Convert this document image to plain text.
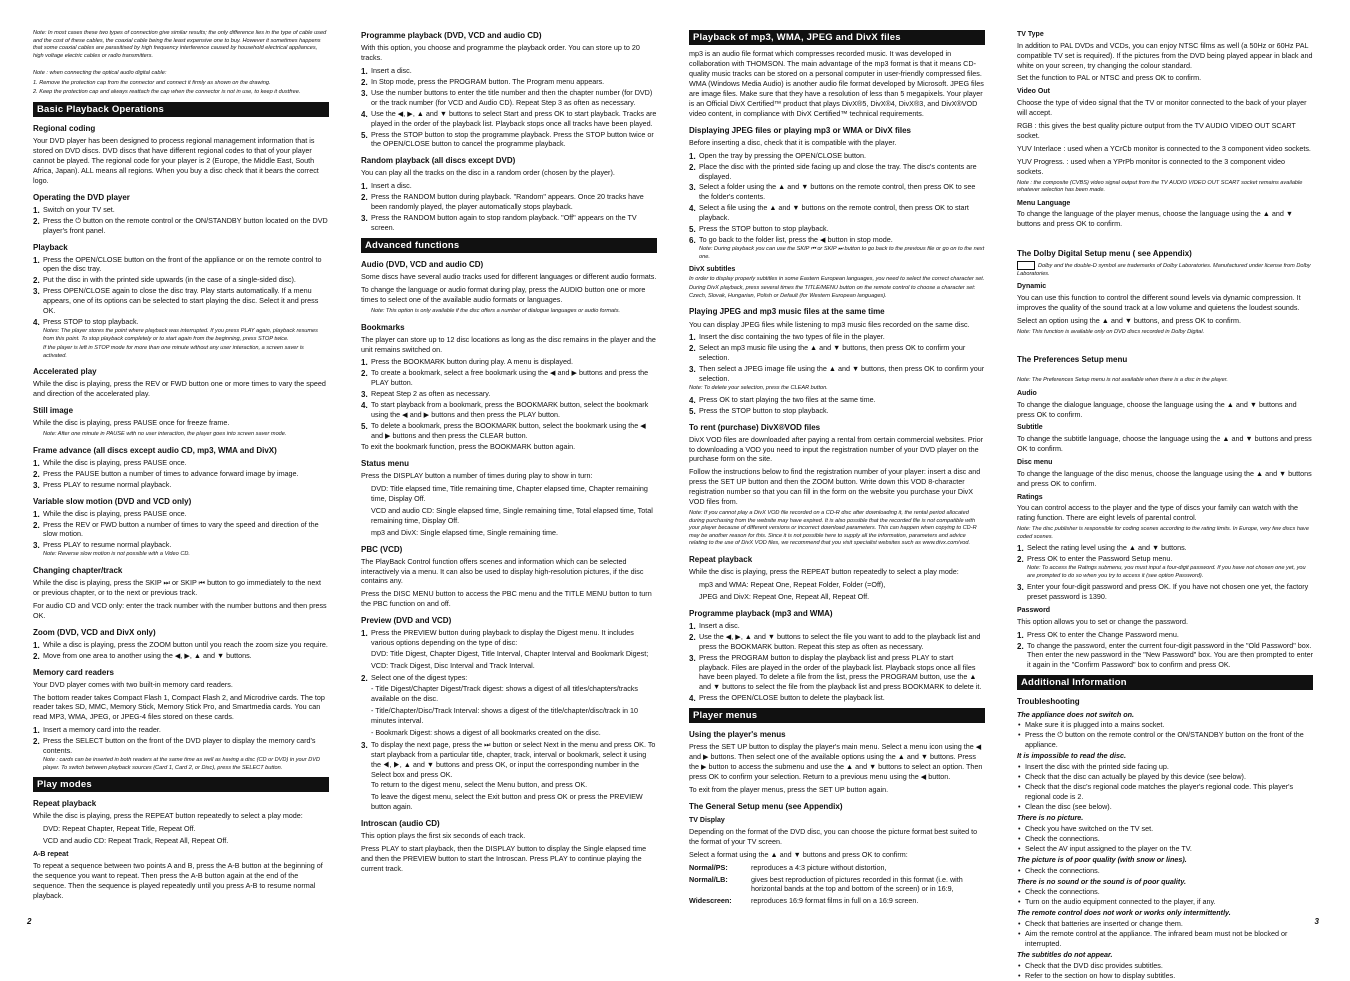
Note: In most cases these two types of connection give similar results; the only difference lies in the type of cable used and the cost of these cables, the coaxial cable being the least expensive one to buy. However it sometimes happens that some coaxial cables are parasitised by high frequency interference caused by household electrical appliances, high voltage electric cables or radio transmitters.
Note : when connecting the optical audio digital cable:
1. Remove the protection cap from the connector and connect it firmly as shown on the drawing.
2. Keep the protection cap and always reattach the cap when the connector is not in use, to keep it dustfree.
Basic Playback Operations
Regional coding
Your DVD player has been designed to process regional management information that is stored on DVD discs. DVD discs that have different regional codes to that of your player cannot be played. The regional code for your player is 2 (Europe, the Middle East, South Africa, Japan). ALL means all regions. When you buy a disc check that it bears the correct logo.
Operating the DVD player
1. Switch on your TV set.
2. Press the ⏻ button on the remote control or the ON/STANDBY button located on the DVD player's front panel.
Playback
1. Press the OPEN/CLOSE button on the front of the appliance or on the remote control to open the disc tray.
2. Put the disc in with the printed side upwards (in the case of a single-sided disc).
3. Press OPEN/CLOSE again to close the disc tray. Play starts automatically. If a menu appears, one of its options can be selected to start playing the disc. Select it and press OK.
4. Press STOP to stop playback.
Notes: The player stores the point where playback was interrupted. If you press PLAY again, playback resumes from this point. To stop playback completely or to start again from the beginning, press STOP twice.
If the player is left in STOP mode for more than one minute without any user interaction, a screen saver is activated.
Accelerated play
While the disc is playing, press the REV or FWD button one or more times to vary the speed and direction of the accelerated play.
Still image
While the disc is playing, press PAUSE once for freeze frame.
Note: After one minute in PAUSE with no user interaction, the player goes into screen saver mode.
Frame advance (all discs except audio CD, mp3, WMA and DivX)
1. While the disc is playing, press PAUSE once.
2. Press the PAUSE button a number of times to advance forward image by image.
3. Press PLAY to resume normal playback.
Variable slow motion (DVD and VCD only)
1. While the disc is playing, press PAUSE once.
2. Press the REV or FWD button a number of times to vary the speed and direction of the slow motion.
3. Press PLAY to resume normal playback.
Note: Reverse slow motion is not possible with a Video CD.
Changing chapter/track
While the disc is playing, press the SKIP ⏭ or SKIP ⏮ button to go immediately to the next or previous chapter, or to the next or previous track.
For audio CD and VCD only: enter the track number with the number buttons and then press OK.
Zoom (DVD, VCD and DivX only)
1. While a disc is playing, press the ZOOM button until you reach the zoom size you require.
2. Move from one area to another using the ◀, ▶, ▲ and ▼ buttons.
Memory card readers
Your DVD player comes with two built-in memory card readers.
The bottom reader takes Compact Flash 1, Compact Flash 2, and Microdrive cards. The top reader takes SD, MMC, Memory Stick, Memory Stick Pro, and Smartmedia cards. You can read MP3, WMA, JPEG, or JPEG-4 files stored on these cards.
1. Insert a memory card into the reader.
2. Press the SELECT button on the front of the DVD player to display the memory card's contents.
Note : cards can be inserted in both readers at the same time as well as having a disc (CD or DVD) in your DVD player. To switch between playback sources (Card 1, Card 2, or Disc), press the SELECT button.
Play modes
Repeat playback
While the disc is playing, press the REPEAT button repeatedly to select a play mode:
DVD: Repeat Chapter, Repeat Title, Repeat Off.
VCD and audio CD: Repeat Track, Repeat All, Repeat Off.
A-B repeat
To repeat a sequence between two points A and B, press the A-B button at the beginning of the sequence you want to repeat. Then press the A-B button again at the end of the sequence. Then the sequence is played repeatedly until you press A-B to resume normal playback.
Programme playback (DVD, VCD and audio CD)
With this option, you choose and programme the playback order. You can store up to 20 tracks.
1. Insert a disc.
2. In Stop mode, press the PROGRAM button. The Program menu appears.
3. Use the number buttons to enter the title number and then the chapter number (for DVD) or the track number (for VCD and Audio CD). Repeat Step 3 as often as necessary.
4. Use the ◀, ▶, ▲ and ▼ buttons to select Start and press OK to start playback. Tracks are played in the order of the playback list. Playback stops once all tracks have been played.
5. Press the STOP button to stop the programme playback. Press the STOP button twice or the OPEN/CLOSE button to cancel the programme playback.
Random playback (all discs except DVD)
You can play all the tracks on the disc in a random order (chosen by the player).
1. Insert a disc.
2. Press the RANDOM button during playback. "Random" appears. Once 20 tracks have been randomly played, the player automatically stops playback.
3. Press the RANDOM button again to stop random playback. "Off" appears on the TV screen.
Advanced functions
Audio (DVD, VCD and audio CD)
Some discs have several audio tracks used for different languages or different audio formats.
To change the language or audio format during play, press the AUDIO button one or more times to select one of the available audio formats or languages.
Note: This option is only available if the disc offers a number of dialogue languages or audio formats.
Bookmarks
The player can store up to 12 disc locations as long as the disc remains in the player and the unit remains switched on.
1. Press the BOOKMARK button during play. A menu is displayed.
2. To create a bookmark, select a free bookmark using the ◀ and ▶ buttons and press the PLAY button.
3. Repeat Step 2 as often as necessary.
4. To start playback from a bookmark, press the BOOKMARK button, select the bookmark using the ◀ and ▶ buttons and then press the PLAY button.
5. To delete a bookmark, press the BOOKMARK button, select the bookmark using the ◀ and ▶ buttons and then press the CLEAR button.
To exit the bookmark function, press the BOOKMARK button again.
Status menu
Press the DISPLAY button a number of times during play to show in turn:
DVD: Title elapsed time, Title remaining time, Chapter elapsed time, Chapter remaining time, Display Off.
VCD and audio CD: Single elapsed time, Single remaining time, Total elapsed time, Total remaining time, Display Off.
mp3 and DivX: Single elapsed time, Single remaining time.
PBC (VCD)
The PlayBack Control function offers scenes and information which can be selected interactively via a menu. It can also be used to display high-resolution pictures, if the disc contains any.
Press the DISC MENU button to access the PBC menu and the TITLE MENU button to turn the PBC function on and off.
Preview (DVD and VCD)
1. Press the PREVIEW button during playback to display the Digest menu. It includes various options depending on the type of disc:
DVD: Title Digest, Chapter Digest, Title Interval, Chapter Interval and Bookmark Digest;
VCD: Track Digest, Disc Interval and Track Interval.
2. Select one of the digest types:
- Title Digest/Chapter Digest/Track digest: shows a digest of all titles/chapters/tracks available on the disc.
- Title/Chapter/Disc/Track Interval: shows a digest of the title/chapter/disc/track in 10 minutes interval.
- Bookmark Digest: shows a digest of all bookmarks created on the disc.
3. To display the next page, press the ⏭ button or select Next in the menu and press OK. To start playback from a particular title, chapter, track, interval or bookmark, select it using the ◀, ▶, ▲ and ▼ buttons and press OK, or input the corresponding number in the Select box and press OK.
To return to the digest menu, select the Menu button, and press OK.
To leave the digest menu, select the Exit button and press OK or press the PREVIEW button again.
Introscan (audio CD)
This option plays the first six seconds of each track.
Press PLAY to start playback, then the DISPLAY button to display the Single elapsed time and then the PREVIEW button to start the Introscan. Press PLAY to continue playing the current track.
Playback of mp3, WMA, JPEG and DivX files
mp3 is an audio file format which compresses recorded music. It was developed in collaboration with THOMSON. The main advantage of the mp3 format is that it means CD-quality music tracks can be stored on a personal computer in user-friendly compressed files. WMA (Windows Media Audio) is another audio file format developed by Microsoft. JPEG files are image files. Make sure that they have a resolution of less than 5 megapixels. Your player is an Official DivX Certified™ product that plays DivX®5, DivX®4, DivX®3, and DivX®VOD video content, in compliance with DivX Certified™ technical requirements.
Displaying JPEG files or playing mp3 or WMA or DivX files
Before inserting a disc, check that it is compatible with the player.
1. Open the tray by pressing the OPEN/CLOSE button.
2. Place the disc with the printed side facing up and close the tray. The disc's contents are displayed.
3. Select a folder using the ▲ and ▼ buttons on the remote control, then press OK to see the folder's contents.
4. Select a file using the ▲ and ▼ buttons on the remote control, then press OK to start playback.
5. Press the STOP button to stop playback.
6. To go back to the folder list, press the ◀ button in stop mode.
Note: During playback you can use the SKIP ⏮ or SKIP ⏭ button to go back to the previous file or go on to the next one.
DivX subtitles
In order to display properly subtitles in some Eastern European languages, you need to select the correct character set.
During DivX playback, press several times the TITLE/MENU button on the remote control to choose a character set: Czech, Slovak, Hungarian, Polish or Default (for Western European languages).
Playing JPEG and mp3 music files at the same time
You can display JPEG files while listening to mp3 music files recorded on the same disc.
1. Insert the disc containing the two types of file in the player.
2. Select an mp3 music file using the ▲ and ▼ buttons, then press OK to confirm your selection.
3. Then select a JPEG image file using the ▲ and ▼ buttons, then press OK to confirm your selection.
Note: To delete your selection, press the CLEAR button.
4. Press OK to start playing the two files at the same time.
5. Press the STOP button to stop playback.
To rent (purchase) DivX®VOD files
DivX VOD files are downloaded after paying a rental from certain commercial websites. Prior to downloading a VOD you need to input the registration number of your DVD player on the purchase form on the site.
Follow the instructions below to find the registration number of your player: insert a disc and press the SET UP button and then the ZOOM button. Write down this VOD 8-character registration number so that you can fill in the form on the website you purchase your DivX VOD files from.
Note: If you cannot play a DivX VOD file recorded on a CD-R disc after downloading it, the rental period allocated during purchasing from the website may have expired. It is also possible that the recorded file is not compatible with your player because of different versions or incorrect download parameters. This can happen when copying to CD-R may be another reason for this. Since it is not possible here to supply all the information, parameters and advice relating to the use of DivX VOD files, we recommend that you visit specialist websites such as www.divx.com/vod.
Repeat playback
While the disc is playing, press the REPEAT button repeatedly to select a play mode:
mp3 and WMA: Repeat One, Repeat Folder, Folder (=Off),
JPEG and DivX: Repeat One, Repeat All, Repeat Off.
Programme playback (mp3 and WMA)
1. Insert a disc.
2. Use the ◀, ▶, ▲ and ▼ buttons to select the file you want to add to the playback list and press the BOOKMARK button. Repeat this step as often as necessary.
3. Press the PROGRAM button to display the playback list and press PLAY to start playback. Files are played in the order of the playback list. Playback stops once all files have been played. To delete a file from the list, press the PROGRAM button, use the ▲ and ▼ buttons to select the file from the playback list and press BOOKMARK to delete it.
4. Press the OPEN/CLOSE button to delete the playback list.
Player menus
Using the player's menus
Press the SET UP button to display the player's main menu. Select a menu icon using the ◀ and ▶ buttons. Then select one of the available options using the ▲ and ▼ buttons. Press the ▶ button to access the submenu and use the ▲ and ▼ buttons to select an option. Then press OK to confirm your selection. Return to a previous menu using the ◀ button.
To exit from the player menus, press the SET UP button again.
The General Setup menu (see Appendix)
TV Display
Depending on the format of the DVD disc, you can choose the picture format best suited to the format of your TV screen.
Select a format using the ▲ and ▼ buttons and press OK to confirm:
Normal/PS:	reproduces a 4:3 picture without distortion,
Normal/LB:	gives best reproduction of pictures recorded in this format (i.e. with horizontal bands at the top and bottom of the screen) or in 16:9,
Widescreen:	reproduces 16:9 format films in full on a 16:9 screen.
TV Type
In addition to PAL DVDs and VCDs, you can enjoy NTSC films as well (a 50Hz or 60Hz PAL compatible TV set is required). If the pictures from the DVD being played appear in black and white on your screen, try changing the colour standard.
Set the function to PAL or NTSC and press OK to confirm.
Video Out
Choose the type of video signal that the TV or monitor connected to the back of your player will accept.
RGB : this gives the best quality picture output from the TV AUDIO VIDEO OUT SCART socket.
YUV Interlace : used when a YCrCb monitor is connected to the 3 component video sockets.
YUV Progress. : used when a YPrPb monitor is connected to the 3 component video sockets.
Note : the composite (CVBS) video signal output from the TV AUDIO VIDEO OUT SCART socket remains available whatever selection has been made.
Menu Language
To change the language of the player menus, choose the language using the ▲ and ▼ buttons and press OK to confirm.
The Dolby Digital Setup menu ( see Appendix)
Dolby and the double-D symbol are trademarks of Dolby Laboratories. Manufactured under license from Dolby Laboratories.
Dynamic
You can use this function to control the different sound levels via dynamic compression. It improves the quality of the sound track at a low volume and quietens the loudest sounds.
Select an option using the ▲ and ▼ buttons, and press OK to confirm.
Note: This function is available only on DVD discs recorded in Dolby Digital.
The Preferences Setup menu
Note: The Preferences Setup menu is not available when there is a disc in the player.
Audio
To change the dialogue language, choose the language using the ▲ and ▼ buttons and press OK to confirm.
Subtitle
To change the subtitle language, choose the language using the ▲ and ▼ buttons and press OK to confirm.
Disc menu
To change the language of the disc menus, choose the language using the ▲ and ▼ buttons and press OK to confirm.
Ratings
You can control access to the player and the type of discs your family can watch with the rating function. There are eight levels of parental control.
Note: The disc publisher is responsible for coding scenes according to the rating limits. In Europe, very few discs have coded scenes.
1. Select the rating level using the ▲ and ▼ buttons.
2. Press OK to enter the Password Setup menu.
Note: To access the Ratings submenu, you must input a four-digit password. If you have not chosen one yet, you are prompted to do so when you try to access it (see option Password).
3. Enter your four-digit password and press OK. If you have not chosen one yet, the factory preset password is 1390.
Password
This option allows you to set or change the password.
1. Press OK to enter the Change Password menu.
2. To change the password, enter the current four-digit password in the "Old Password" box. Then enter the new password in the "New Password" box. You are then prompted to enter it again in the "Confirm Password" box to confirm and press OK.
Additional Information
Troubleshooting
The appliance does not switch on.
• Make sure it is plugged into a mains socket.
• Press the ⏻ button on the remote control or the ON/STANDBY button on the front of the appliance.
It is impossible to read the disc.
• Insert the disc with the printed side facing up.
• Check that the disc can actually be played by this device (see below).
• Check that the disc's regional code matches the player's regional code. This player's regional code is 2.
• Clean the disc (see below).
There is no picture.
• Check you have switched on the TV set.
• Check the connections.
• Select the AV input assigned to the player on the TV.
The picture is of poor quality (with snow or lines).
• Check the connections.
There is no sound or the sound is of poor quality.
• Check the connections.
• Turn on the audio equipment connected to the player, if any.
The remote control does not work or works only intermittently.
• Check that batteries are inserted or change them.
• Aim the remote control at the appliance. The infrared beam must not be blocked or interrupted.
The subtitles do not appear.
• Check that the DVD disc provides subtitles.
• Refer to the section on how to display subtitles.
2	3
